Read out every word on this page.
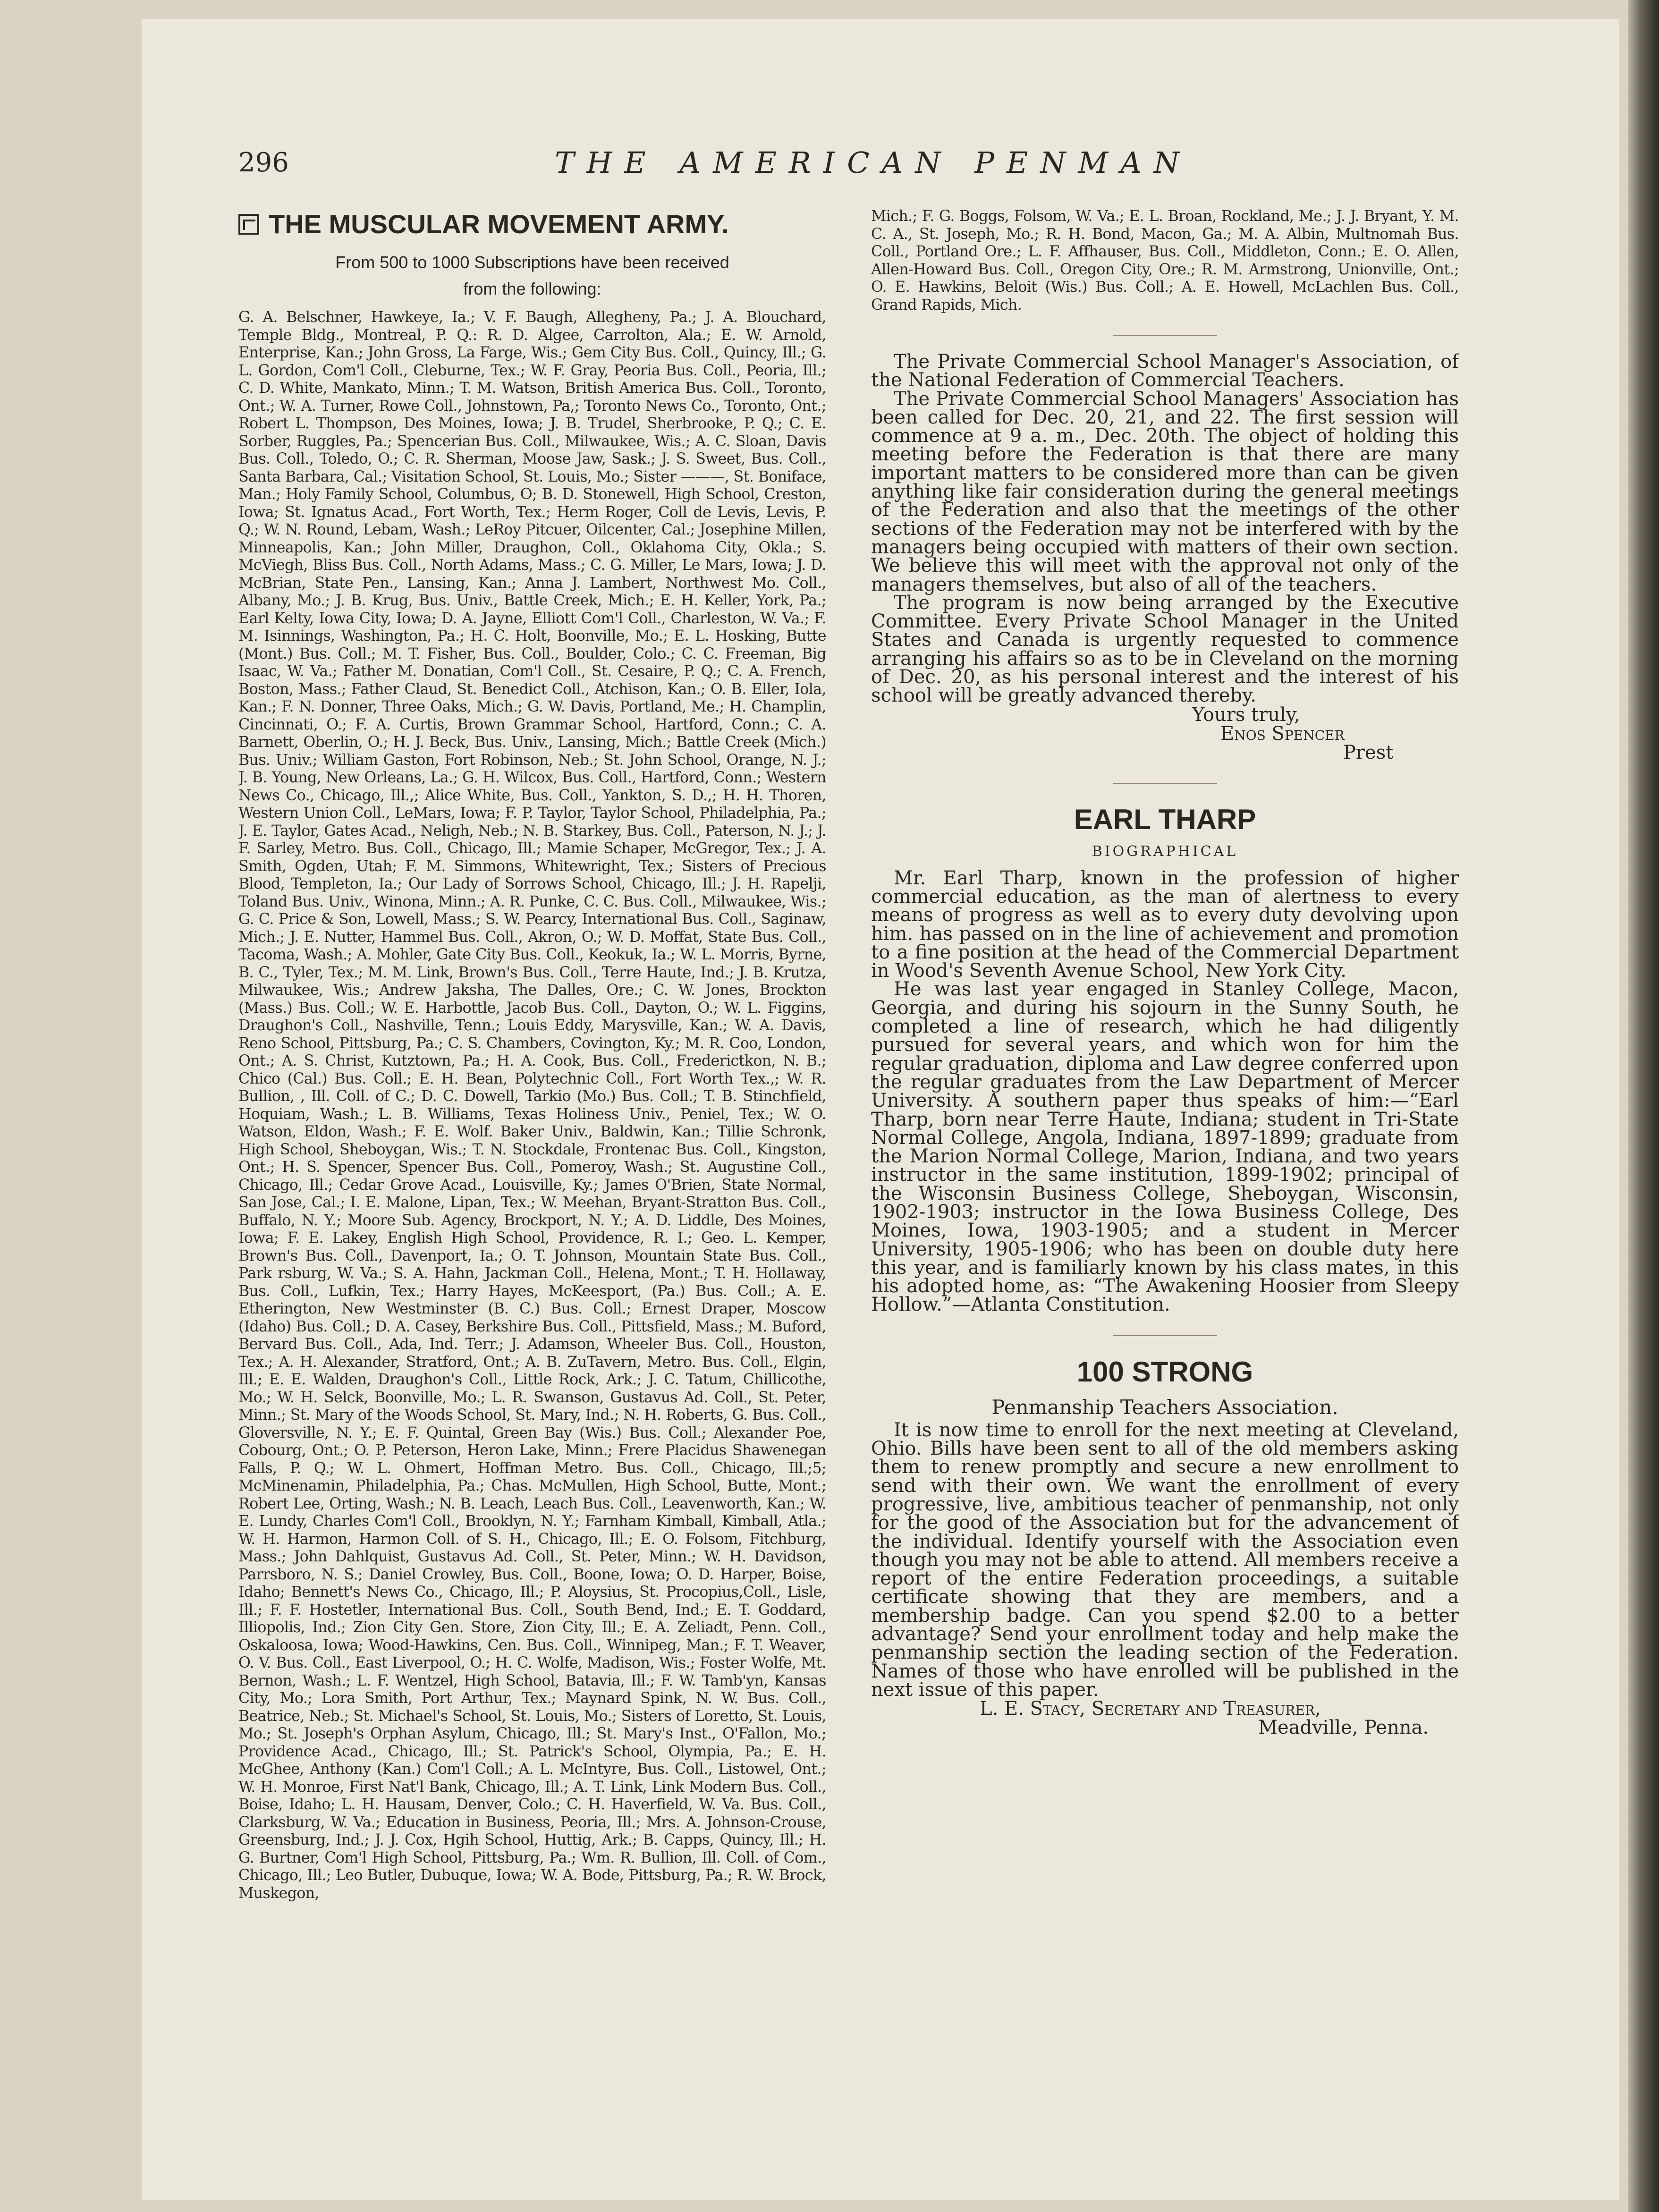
296	THE AMERICAN PENMAN
THE MUSCULAR MOVEMENT ARMY.
From 500 to 1000 Subscriptions have been received
from the following:

G. A. Belschner, Hawkeye, Ia.; V. F. Baugh, Allegheny, Pa.; J. A. Blouchard, Temple Bldg., Montreal, P. Q.: R. D. Algee, Carrolton, Ala.; E. W. Arnold, Enterprise, Kan.; John Gross, La Farge, Wis.; Gem City Bus. Coll., Quincy, Ill.; G. L. Gordon, Com'l Coll., Cleburne, Tex.; W. F. Gray, Peoria Bus. Coll., Peoria, Ill.; C. D. White, Mankato, Minn.; T. M. Watson, British America Bus. Coll., Toronto, Ont.; W. A. Turner, Rowe Coll., Johnstown, Pa,; Toronto News Co., Toronto, Ont.; Robert L. Thompson, Des Moines, Iowa; J. B. Trudel, Sherbrooke, P. Q.; C. E. Sorber, Ruggles, Pa.; Spencerian Bus. Coll., Milwaukee, Wis.; A. C. Sloan, Davis Bus. Coll., Toledo, O.; C. R. Sherman, Moose Jaw, Sask.; J. S. Sweet, Bus. Coll., Santa Barbara, Cal.; Visitation School, St. Louis, Mo.; Sister ———, St. Boniface, Man.; Holy Family School, Columbus, O; B. D. Stonewell, High School, Creston, Iowa; St. Ignatus Acad., Fort Worth, Tex.; Herm Roger, Coll de Levis, Levis, P. Q.; W. N. Round, Lebam, Wash.; LeRoy Pitcuer, Oilcenter, Cal.; Josephine Millen, Minneapolis, Kan.; John Miller, Draughon, Coll., Oklahoma City, Okla.; S. McViegh, Bliss Bus. Coll., North Adams, Mass.; C. G. Miller, Le Mars, Iowa; J. D. McBrian, State Pen., Lansing, Kan.; Anna J. Lambert, Northwest Mo. Coll., Albany, Mo.; J. B. Krug, Bus. Univ., Battle Creek, Mich.; E. H. Keller, York, Pa.; Earl Kelty, Iowa City, Iowa; D. A. Jayne, Elliott Com'l Coll., Charleston, W. Va.; F. M. Isinnings, Washington, Pa.; H. C. Holt, Boonville, Mo.; E. L. Hosking, Butte (Mont.) Bus. Coll.; M. T. Fisher, Bus. Coll., Boulder, Colo.; C. C. Freeman, Big Isaac, W. Va.; Father M. Donatian, Com'l Coll., St. Cesaire, P. Q.; C. A. French, Boston, Mass.; Father Claud, St. Benedict Coll., Atchison, Kan.; O. B. Eller, Iola, Kan.; F. N. Donner, Three Oaks, Mich.; G. W. Davis, Portland, Me.; H. Champlin, Cincinnati, O.; F. A. Curtis, Brown Grammar School, Hartford, Conn.; C. A. Barnett, Oberlin, O.; H. J. Beck, Bus. Univ., Lansing, Mich.; Battle Creek (Mich.) Bus. Univ.; William Gaston, Fort Robinson, Neb.; St. John School, Orange, N. J.; J. B. Young, New Orleans, La.; G. H. Wilcox, Bus. Coll., Hartford, Conn.; Western News Co., Chicago, Ill.,; Alice White, Bus. Coll., Yankton, S. D.,; H. H. Thoren, Western Union Coll., LeMars, Iowa; F. P. Taylor, Taylor School, Philadelphia, Pa.; J. E. Taylor, Gates Acad., Neligh, Neb.; N. B. Starkey, Bus. Coll., Paterson, N. J.; J. F. Sarley, Metro. Bus. Coll., Chicago, Ill.; Mamie Schaper, McGregor, Tex.; J. A. Smith, Ogden, Utah; F. M. Simmons, Whitewright, Tex.; Sisters of Precious Blood, Templeton, Ia.; Our Lady of Sorrows School, Chicago, Ill.; J. H. Rapelji, Toland Bus. Univ., Winona, Minn.; A. R. Punke, C. C. Bus. Coll., Milwaukee, Wis.; G. C. Price & Son, Lowell, Mass.; S. W. Pearcy, International Bus. Coll., Saginaw, Mich.; J. E. Nutter, Hammel Bus. Coll., Akron, O.; W. D. Moffat, State Bus. Coll., Tacoma, Wash.; A. Mohler, Gate City Bus. Coll., Keokuk, Ia.; W. L. Morris, Byrne, B. C., Tyler, Tex.; M. M. Link, Brown's Bus. Coll., Terre Haute, Ind.; J. B. Krutza, Milwaukee, Wis.; Andrew Jaksha, The Dalles, Ore.; C. W. Jones, Brockton (Mass.) Bus. Coll.; W. E. Harbottle, Jacob Bus. Coll., Dayton, O.; W. L. Figgins, Draughon's Coll., Nashville, Tenn.; Louis Eddy, Marysville, Kan.; W. A. Davis, Reno School, Pittsburg, Pa.; C. S. Chambers, Covington, Ky.; M. R. Coo, London, Ont.; A. S. Christ, Kutztown, Pa.; H. A. Cook, Bus. Coll., Frederictkon, N. B.; Chico (Cal.) Bus. Coll.; E. H. Bean, Polytechnic Coll., Fort Worth Tex.,; W. R. Bullion, , Ill. Coll. of C.; D. C. Dowell, Tarkio (Mo.) Bus. Coll.; T. B. Stinchfield, Hoquiam, Wash.; L. B. Williams, Texas Holiness Univ., Peniel, Tex.; W. O. Watson, Eldon, Wash.; F. E. Wolf. Baker Univ., Baldwin, Kan.; Tillie Schronk, High School, Sheboygan, Wis.; T. N. Stockdale, Frontenac Bus. Coll., Kingston, Ont.; H. S. Spencer, Spencer Bus. Coll., Pomeroy, Wash.; St. Augustine Coll., Chicago, Ill.; Cedar Grove Acad., Louisville, Ky.; James O'Brien, State Normal, San Jose, Cal.; I. E. Malone, Lipan, Tex.; W. Meehan, Bryant-Stratton Bus. Coll., Buffalo, N. Y.; Moore Sub. Agency, Brockport, N. Y.; A. D. Liddle, Des Moines, Iowa; F. E. Lakey, English High School, Providence, R. I.; Geo. L. Kemper, Brown's Bus. Coll., Davenport, Ia.; O. T. Johnson, Mountain State Bus. Coll., Park rsburg, W. Va.; S. A. Hahn, Jackman Coll., Helena, Mont.; T. H. Hollaway, Bus. Coll., Lufkin, Tex.; Harry Hayes, McKeesport, (Pa.) Bus. Coll.; A. E. Etherington, New Westminster (B. C.) Bus. Coll.; Ernest Draper, Moscow (Idaho) Bus. Coll.; D. A. Casey, Berkshire Bus. Coll., Pittsfield, Mass.; M. Buford, Bervard Bus. Coll., Ada, Ind. Terr.; J. Adamson, Wheeler Bus. Coll., Houston, Tex.; A. H. Alexander, Stratford, Ont.; A. B. ZuTavern, Metro. Bus. Coll., Elgin, Ill.; E. E. Walden, Draughon's Coll., Little Rock, Ark.; J. C. Tatum, Chillicothe, Mo.; W. H. Selck, Boonville, Mo.; L. R. Swanson, Gustavus Ad. Coll., St. Peter, Minn.; St. Mary of the Woods School, St. Mary, Ind.; N. H. Roberts, G. Bus. Coll., Gloversville, N. Y.; E. F. Quintal, Green Bay (Wis.) Bus. Coll.; Alexander Poe, Cobourg, Ont.; O. P. Peterson, Heron Lake, Minn.; Frere Placidus Shawenegan Falls, P. Q.; W. L. Ohmert, Hoffman Metro. Bus. Coll., Chicago, Ill.;5; McMinenamin, Philadelphia, Pa.; Chas. McMullen, High School, Butte, Mont.; Robert Lee, Orting, Wash.; N. B. Leach, Leach Bus. Coll., Leavenworth, Kan.; W. E. Lundy, Charles Com'l Coll., Brooklyn, N. Y.; Farnham Kimball, Kimball, Atla.; W. H. Harmon, Harmon Coll. of S. H., Chicago, Ill.; E. O. Folsom, Fitchburg, Mass.; John Dahlquist, Gustavus Ad. Coll., St. Peter, Minn.; W. H. Davidson, Parrsboro, N. S.; Daniel Crowley, Bus. Coll., Boone, Iowa; O. D. Harper, Boise, Idaho; Bennett's News Co., Chicago, Ill.; P. Aloysius, St. Procopius,Coll., Lisle, Ill.; F. F. Hostetler, International Bus. Coll., South Bend, Ind.; E. T. Goddard, Illiopolis, Ind.; Zion City Gen. Store, Zion City, Ill.; E. A. Zeliadt, Penn. Coll., Oskaloosa, Iowa; Wood-Hawkins, Cen. Bus. Coll., Winnipeg, Man.; F. T. Weaver, O. V. Bus. Coll., East Liverpool, O.; H. C. Wolfe, Madison, Wis.; Foster Wolfe, Mt. Bernon, Wash.; L. F. Wentzel, High School, Batavia, Ill.; F. W. Tamb'yn, Kansas City, Mo.; Lora Smith, Port Arthur, Tex.; Maynard Spink, N. W. Bus. Coll., Beatrice, Neb.; St. Michael's School, St. Louis, Mo.; Sisters of Loretto, St. Louis, Mo.; St. Joseph's Orphan Asylum, Chicago, Ill.; St. Mary's Inst., O'Fallon, Mo.; Providence Acad., Chicago, Ill.; St. Patrick's School, Olympia, Pa.; E. H. McGhee, Anthony (Kan.) Com'l Coll.; A. L. McIntyre, Bus. Coll., Listowel, Ont.; W. H. Monroe, First Nat'l Bank, Chicago, Ill.; A. T. Link, Link Modern Bus. Coll., Boise, Idaho; L. H. Hausam, Denver, Colo.; C. H. Haverfield, W. Va. Bus. Coll., Clarksburg, W. Va.; Education in Business, Peoria, Ill.; Mrs. A. Johnson-Crouse, Greensburg, Ind.; J. J. Cox, Hgih School, Huttig, Ark.; B. Capps, Quincy, Ill.; H. G. Burtner, Com'l High School, Pittsburg, Pa.; Wm. R. Bullion, Ill. Coll. of Com., Chicago, Ill.; Leo Butler, Dubuque, Iowa; W. A. Bode, Pittsburg, Pa.; R. W. Brock, Muskegon,

Mich.; F. G. Boggs, Folsom, W. Va.; E. L. Broan, Rockland, Me.; J. J. Bryant, Y. M. C. A., St. Joseph, Mo.; R. H. Bond, Macon, Ga.; M. A. Albin, Multnomah Bus. Coll., Portland Ore.; L. F. Affhauser, Bus. Coll., Middleton, Conn.; E. O. Allen, Allen-Howard Bus. Coll., Oregon City, Ore.; R. M. Armstrong, Unionville, Ont.; O. E. Hawkins, Beloit (Wis.) Bus. Coll.; A. E. Howell, McLachlen Bus. Coll., Grand Rapids, Mich.

The Private Commercial School Manager's Association, of the National Federation of Commercial Teachers.

The Private Commercial School Managers' Association has been called for Dec. 20, 21, and 22. The first session will commence at 9 a. m., Dec. 20th. The object of holding this meeting before the Federation is that there are many important matters to be considered more than can be given anything like fair consideration during the general meetings of the Federation and also that the meetings of the other sections of the Federation may not be interfered with by the managers being occupied with matters of their own section. We believe this will meet with the approval not only of the managers themselves, but also of all of the teachers.

The program is now being arranged by the Executive Committee. Every Private School Manager in the United States and Canada is urgently requested to commence arranging his affairs so as to be in Cleveland on the morning of Dec. 20, as his personal interest and the interest of his school will be greatly advanced thereby.

Yours truly,
Enos Spencer
Prest
EARL THARP
BIOGRAPHICAL

Mr. Earl Tharp, known in the profession of higher commercial education, as the man of alertness to every means of progress as well as to every duty devolving upon him. has passed on in the line of achievement and promotion to a fine position at the head of the Commercial Department in Wood's Seventh Avenue School, New York City.

He was last year engaged in Stanley College, Macon, Georgia, and during his sojourn in the Sunny South, he completed a line of research, which he had diligently pursued for several years, and which won for him the regular graduation, diploma and Law degree conferred upon the regular graduates from the Law Department of Mercer University. A southern paper thus speaks of him:—“Earl Tharp, born near Terre Haute, Indiana; student in Tri-State Normal College, Angola, Indiana, 1897-1899; graduate from the Marion Normal College, Marion, Indiana, and two years instructor in the same institution, 1899-1902; principal of the Wisconsin Business College, Sheboygan, Wisconsin, 1902-1903; instructor in the Iowa Business College, Des Moines, Iowa, 1903-1905; and a student in Mercer University, 1905-1906; who has been on double duty here this year, and is familiarly known by his class mates, in this his adopted home, as: “The Awakening Hoosier from Sleepy Hollow.”—Atlanta Constitution.

100 STRONG
Penmanship Teachers Association.

It is now time to enroll for the next meeting at Cleveland, Ohio. Bills have been sent to all of the old members asking them to renew promptly and secure a new enrollment to send with their own. We want the enrollment of every progressive, live, ambitious teacher of penmanship, not only for the good of the Association but for the advancement of the individual. Identify yourself with the Association even though you may not be able to attend. All members receive a report of the entire Federation proceedings, a suitable certificate showing that they are members, and a membership badge. Can you spend $2.00 to a better advantage? Send your enrollment today and help make the penmanship section the leading section of the Federation. Names of those who have enrolled will be published in the next issue of this paper.

L. E. Stacy, Secretary and Treasurer,
Meadville, Penna.
